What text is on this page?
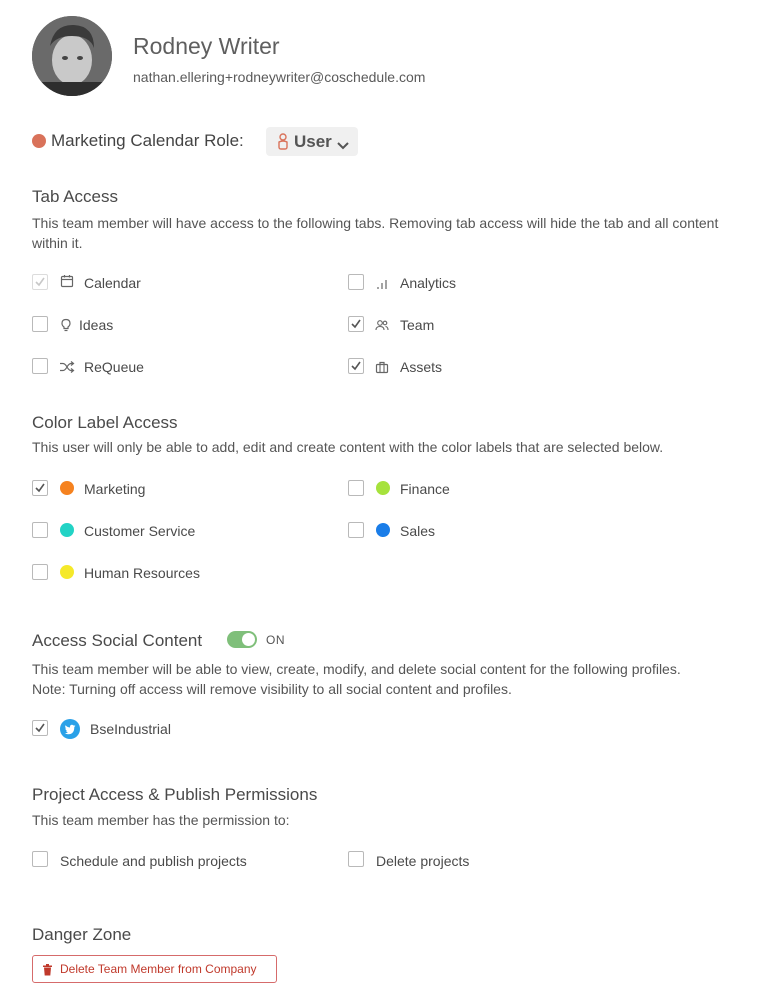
Rodney Writer
nathan.ellering+rodneywriter@coschedule.com
Marketing Calendar Role:	User
Tab Access
This team member will have access to the following tabs. Removing tab access will hide the tab and all content
within it.
Calendar	Analytics
Ideas	Team
ReQueue	Assets
Color Label Access
This user will only be able to add, edit and create content with the color labels that are selected below.
Marketing	Finance
Customer Service	Sales
Human Resources
Access Social Content	ON
This team member will be able to view, create, modify, and delete social content for the following profiles.
Note: Turning off access will remove visibility to all social content and profiles.
BseIndustrial
Project Access & Publish Permissions
This team member has the permission to:
Schedule and publish projects	Delete projects
Danger Zone
Delete Team Member from Company
